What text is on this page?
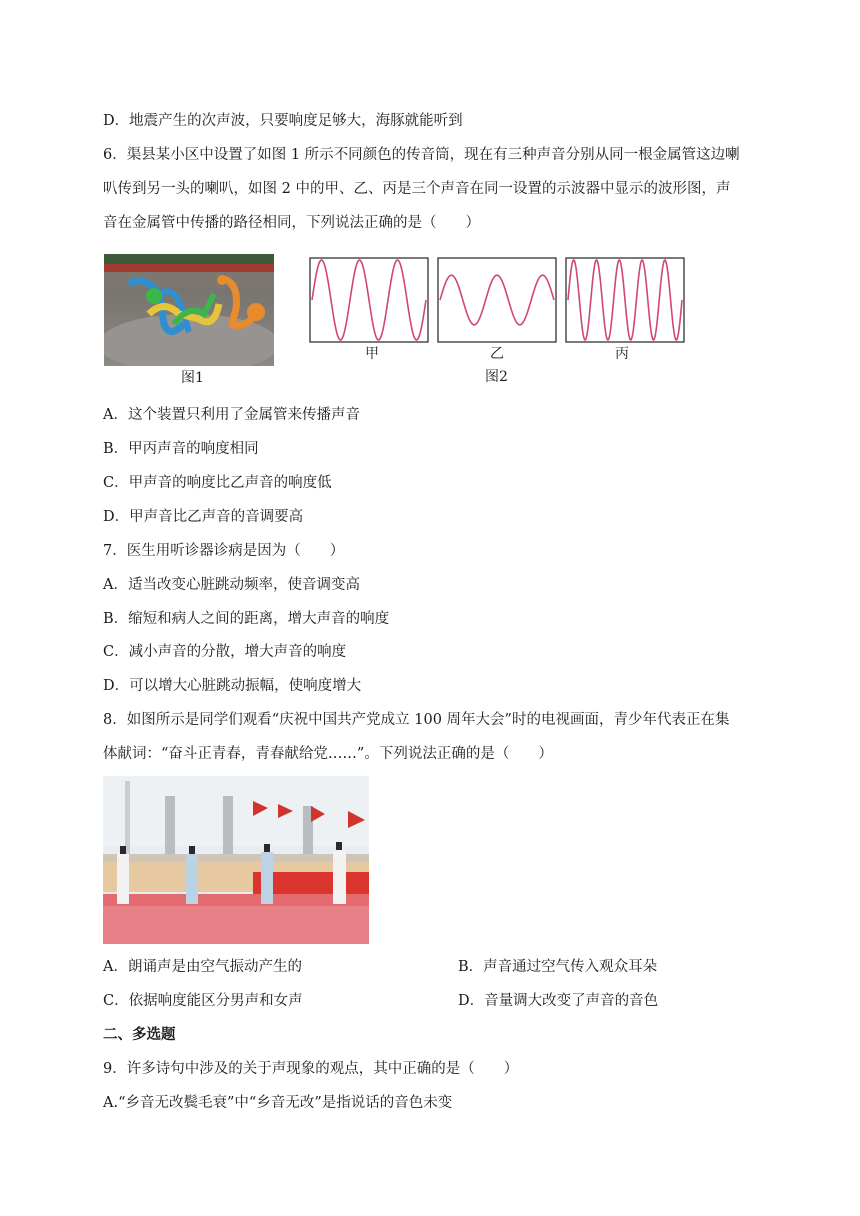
D．地震产生的次声波，只要响度足够大，海豚就能听到
6．渠县某小区中设置了如图 1 所示不同颜色的传音筒，现在有三种声音分别从同一根金属管这边喇
叭传到另一头的喇叭，如图 2 中的甲、乙、丙是三个声音在同一设置的示波器中显示的波形图，声
音在金属管中传播的路径相同，下列说法正确的是（　　）
图1
甲	乙	丙
图2
A．这个装置只利用了金属管来传播声音
B．甲丙声音的响度相同
C．甲声音的响度比乙声音的响度低
D．甲声音比乙声音的音调要高
7．医生用听诊器诊病是因为（　　）
A．适当改变心脏跳动频率，使音调变高
B．缩短和病人之间的距离，增大声音的响度
C．减小声音的分散，增大声音的响度
D．可以增大心脏跳动振幅，使响度增大
8．如图所示是同学们观看“庆祝中国共产党成立 100 周年大会”时的电视画面，青少年代表正在集
体献词：“奋斗正青春，青春献给党……”。下列说法正确的是（　　）
A．朗诵声是由空气振动产生的	B．声音通过空气传入观众耳朵
C．依据响度能区分男声和女声	D．音量调大改变了声音的音色
二、多选题
9．许多诗句中涉及的关于声现象的观点，其中正确的是（　　）
A.“乡音无改鬓毛衰”中“乡音无改”是指说话的音色未变
